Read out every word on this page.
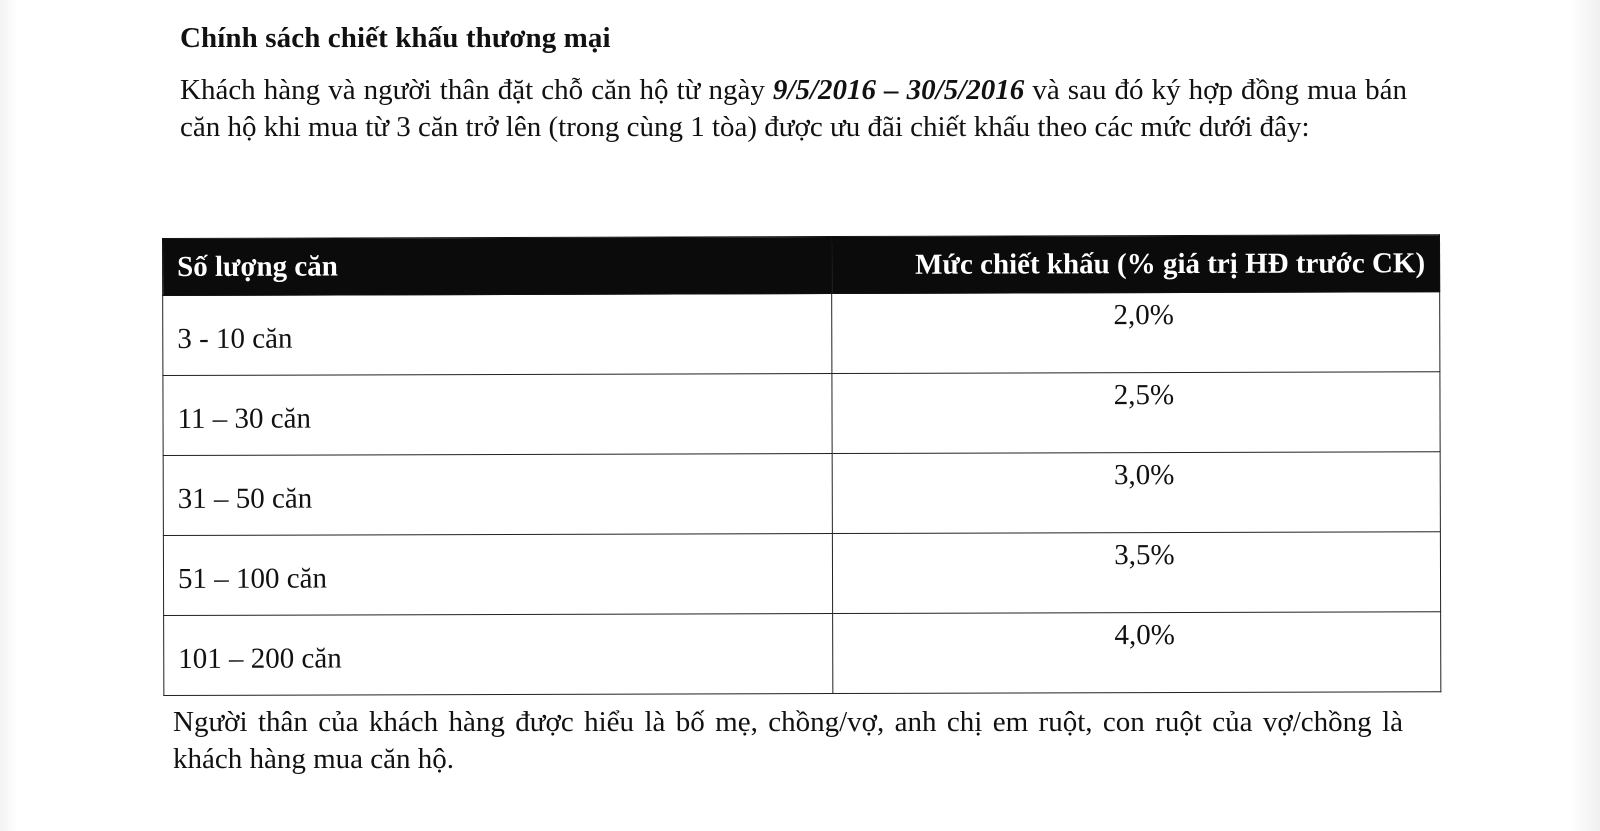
Chính sách chiết khấu thương mại
Khách hàng và người thân đặt chỗ căn hộ từ ngày 9/5/2016 – 30/5/2016 và sau đó ký hợp đồng mua bán căn hộ khi mua từ 3 căn trở lên (trong cùng 1 tòa) được ưu đãi chiết khấu theo các mức dưới đây:
Số lượng căn	Mức chiết khấu (% giá trị HĐ trước CK)
3 - 10 căn	2,0%
11 – 30 căn	2,5%
31 – 50 căn	3,0%
51 – 100 căn	3,5%
101 – 200 căn	4,0%
Người thân của khách hàng được hiểu là bố mẹ, chồng/vợ, anh chị em ruột, con ruột của vợ/chồng là khách hàng mua căn hộ.
